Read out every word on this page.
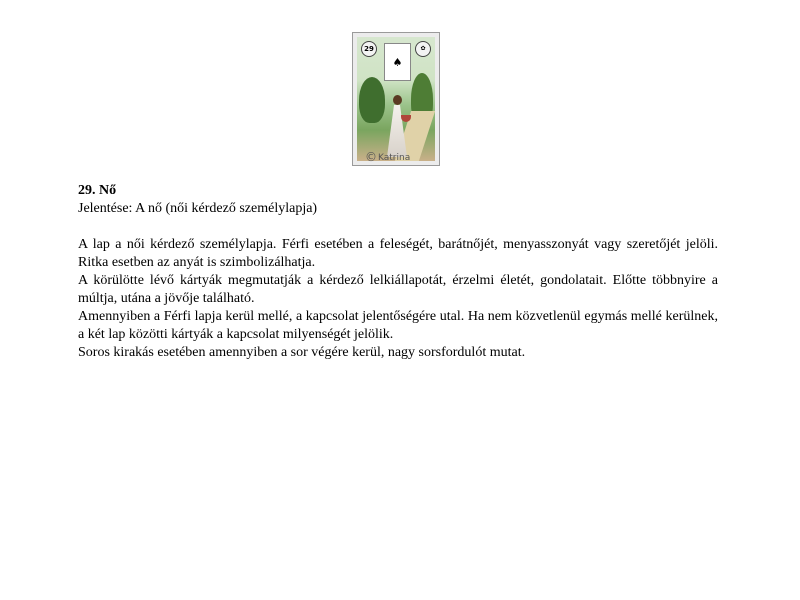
♠
29	✿
©Katrina

29. Nő

Jelentése: A nő (női kérdező személylapja)

A lap a női kérdező személylapja. Férfi esetében a feleségét, barátnőjét, menyasszonyát vagy szeretőjét jelöli. Ritka esetben az anyát is szimbolizálhatja.

A körülötte lévő kártyák megmutatják a kérdező lelkiállapotát, érzelmi életét, gondolatait. Előtte többnyire a múltja, utána a jövője található.

Amennyiben a Férfi lapja kerül mellé, a kapcsolat jelentőségére utal. Ha nem közvetlenül egymás mellé kerülnek, a két lap közötti kártyák a kapcsolat milyenségét jelölik.

Soros kirakás esetében amennyiben a sor végére kerül, nagy sorsfordulót mutat.
